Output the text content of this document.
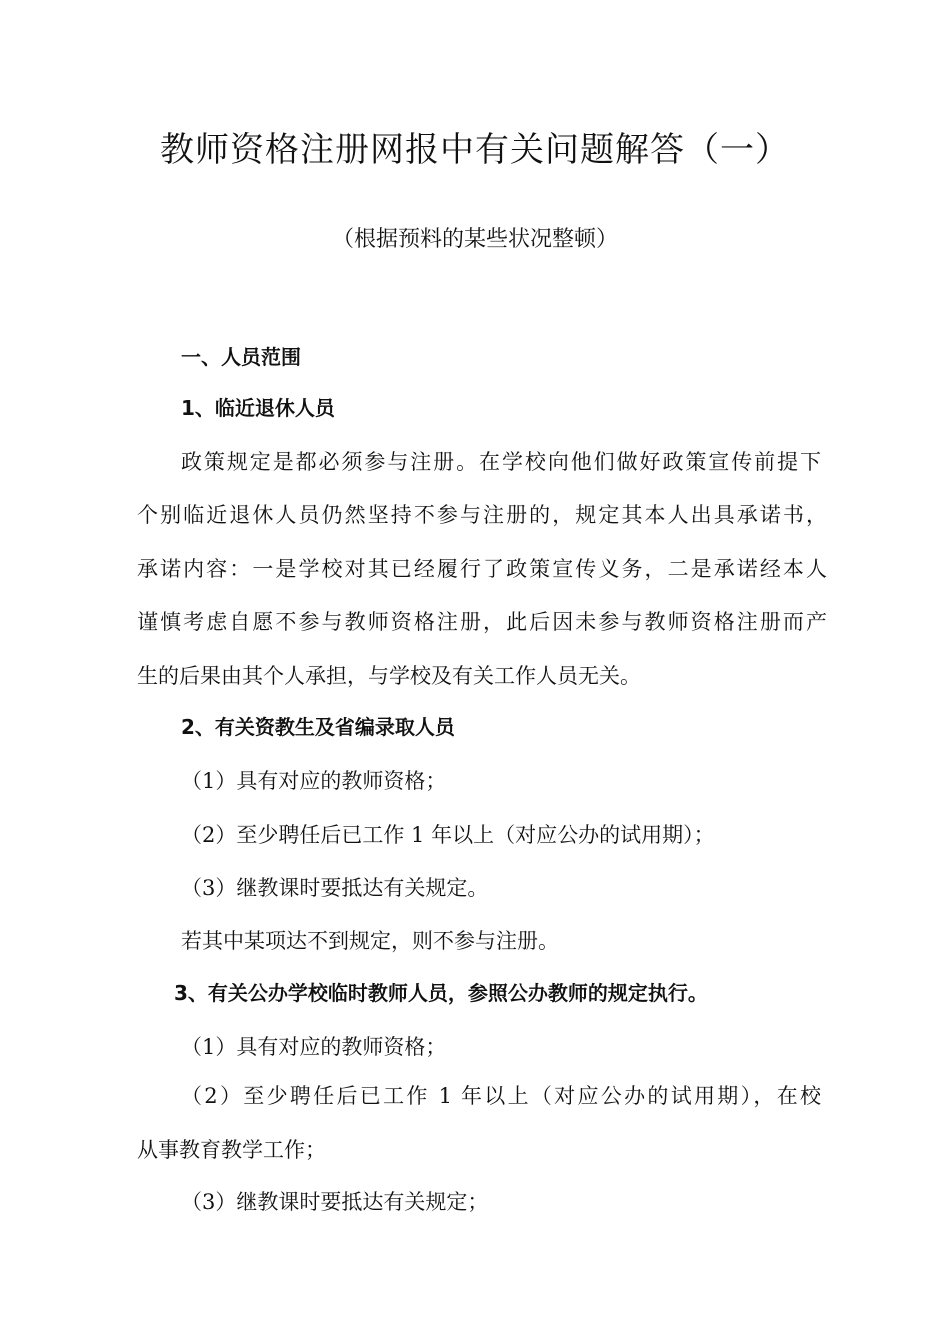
教师资格注册网报中有关问题解答（一）
（根据预料的某些状况整顿）
一、人员范围
1、临近退休人员
政策规定是都必须参与注册。在学校向他们做好政策宣传前提下
个别临近退休人员仍然坚持不参与注册的，规定其本人出具承诺书，
承诺内容：一是学校对其已经履行了政策宣传义务，二是承诺经本人
谨慎考虑自愿不参与教师资格注册，此后因未参与教师资格注册而产
生的后果由其个人承担，与学校及有关工作人员无关。
2、有关资教生及省编录取人员
（1）具有对应的教师资格；
（2）至少聘任后已工作 1 年以上（对应公办的试用期）；
（3）继教课时要抵达有关规定。
若其中某项达不到规定，则不参与注册。
3、有关公办学校临时教师人员，参照公办教师的规定执行。
（1）具有对应的教师资格；
（2）至少聘任后已工作 1 年以上（对应公办的试用期），在校
从事教育教学工作；
（3）继教课时要抵达有关规定；
